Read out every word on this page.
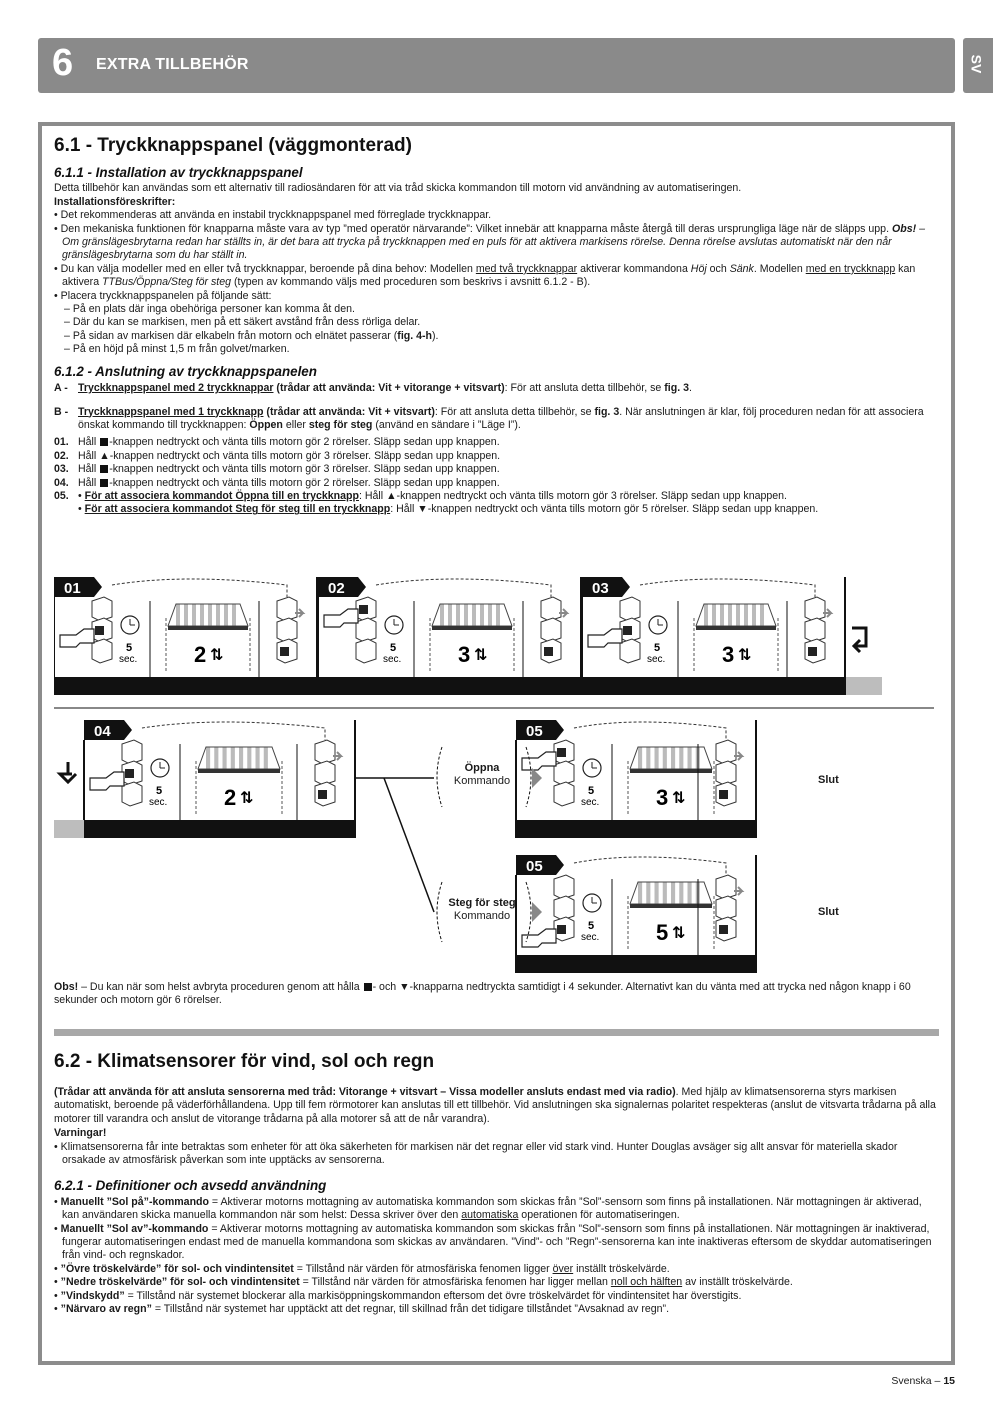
6 EXTRA TILLBEHÖR	SV
6.1 - Tryckknappspanel (väggmonterad)
6.1.1 - Installation av tryckknappspanel

Detta tillbehör kan användas som ett alternativ till radiosändaren för att via tråd skicka kommandon till motorn vid användning av automatiseringen.

Installationsföreskrifter:

• Det rekommenderas att använda en instabil tryckknappspanel med förreglade tryckknappar.

• Den mekaniska funktionen för knapparna måste vara av typ ”med operatör närvarande”: Vilket innebär att knapparna måste återgå till deras ursprungliga läge när de släpps upp. Obs! – Om gränslägesbrytarna redan har ställts in, är det bara att trycka på tryckknappen med en puls för att aktivera markisens rörelse. Denna rörelse avslutas automatiskt när den når gränslägesbrytarna som du har ställt in.

• Du kan välja modeller med en eller två tryckknappar, beroende på dina behov: Modellen med två tryckknappar aktiverar kommandona Höj och Sänk. Modellen med en tryckknapp kan aktivera TTBus/Öppna/Steg för steg (typen av kommando väljs med proceduren som beskrivs i avsnitt 6.1.2 - B).

• Placera tryckknappspanelen på följande sätt:

– På en plats där inga obehöriga personer kan komma åt den.

– Där du kan se markisen, men på ett säkert avstånd från dess rörliga delar.

– På sidan av markisen där elkabeln från motorn och elnätet passerar (fig. 4-h).

– På en höjd på minst 1,5 m från golvet/marken.

6.1.2 - Anslutning av tryckknappspanelen
A - Tryckknappspanel med 2 tryckknappar (trådar att använda: Vit + vitorange + vitsvart): För att ansluta detta tillbehör, se fig. 3.

B - Tryckknappspanel med 1 tryckknapp (trådar att använda: Vit + vitsvart): För att ansluta detta tillbehör, se fig. 3. När anslutningen är klar, följ proceduren nedan för att associera önskat kommando till tryckknappen: Öppen eller steg för steg (använd en sändare i ”Läge I”).

01. Håll -knappen nedtryckt och vänta tills motorn gör 2 rörelser. Släpp sedan upp knappen.

02. Håll ▲-knappen nedtryckt och vänta tills motorn gör 3 rörelser. Släpp sedan upp knappen.

03. Håll -knappen nedtryckt och vänta tills motorn gör 3 rörelser. Släpp sedan upp knappen.

04. Håll -knappen nedtryckt och vänta tills motorn gör 2 rörelser. Släpp sedan upp knappen.

05. • För att associera kommandot Öppna till en tryckknapp: Håll ▲-knappen nedtryckt och vänta tills motorn gör 3 rörelser. Släpp sedan upp knappen.

• För att associera kommandot Steg för steg till en tryckknapp: Håll ▼-knappen nedtryckt och vänta tills motorn gör 5 rörelser. Släpp sedan upp knappen.

01
5
sec.	2 ⇅
02
5
sec.	3 ⇅
03
5
sec.	3 ⇅
04
5
sec.	2 ⇅
05
5
sec.	3 ⇅
05
5
sec.	5 ⇅
Öppna
Kommando
Steg för steg
Kommando
Slut
Slut

Obs! – Du kan när som helst avbryta proceduren genom att hålla - och ▼-knapparna nedtryckta samtidigt i 4 sekunder. Alternativt kan du vänta med att trycka ned någon knapp i 60 sekunder och motorn gör 6 rörelser.

6.2 - Klimatsensorer för vind, sol och regn

(Trådar att använda för att ansluta sensorerna med tråd: Vitorange + vitsvart – Vissa modeller ansluts endast med via radio). Med hjälp av klimatsensorerna styrs markisen automatiskt, beroende på väderförhållandena. Upp till fem rörmotorer kan anslutas till ett tillbehör. Vid anslutningen ska signalernas polaritet respekteras (anslut de vitsvarta trådarna på alla motorer till varandra och anslut de vitorange trådarna på alla motorer så att de når varandra).

Varningar!

• Klimatsensorerna får inte betraktas som enheter för att öka säkerheten för markisen när det regnar eller vid stark vind. Hunter Douglas avsäger sig allt ansvar för materiella skador orsakade av atmosfärisk påverkan som inte upptäcks av sensorerna.

6.2.1 - Definitioner och avsedd användning

• Manuellt ”Sol på”-kommando = Aktiverar motorns mottagning av automatiska kommandon som skickas från ”Sol”-sensorn som finns på installationen. När mottagningen är aktiverad, kan användaren skicka manuella kommandon när som helst: Dessa skriver över den automatiska operationen för automatiseringen.

• Manuellt ”Sol av”-kommando = Aktiverar motorns mottagning av automatiska kommandon som skickas från ”Sol”-sensorn som finns på installationen. När mottagningen är inaktiverad, fungerar automatiseringen endast med de manuella kommandona som skickas av användaren. ”Vind”- och ”Regn”-sensorerna kan inte inaktiveras eftersom de skyddar automatiseringen från vind- och regnskador.

• ”Övre tröskelvärde” för sol- och vindintensitet = Tillstånd när värden för atmosfäriska fenomen ligger över inställt tröskelvärde.

• ”Nedre tröskelvärde” för sol- och vindintensitet = Tillstånd när värden för atmosfäriska fenomen har ligger mellan noll och hälften av inställt tröskelvärde.

• ”Vindskydd” = Tillstånd när systemet blockerar alla markisöppningskommandon eftersom det övre tröskelvärdet för vindintensitet har överstigits.

• ”Närvaro av regn” = Tillstånd när systemet har upptäckt att det regnar, till skillnad från det tidigare tillståndet ”Avsaknad av regn”.

Svenska – 15
